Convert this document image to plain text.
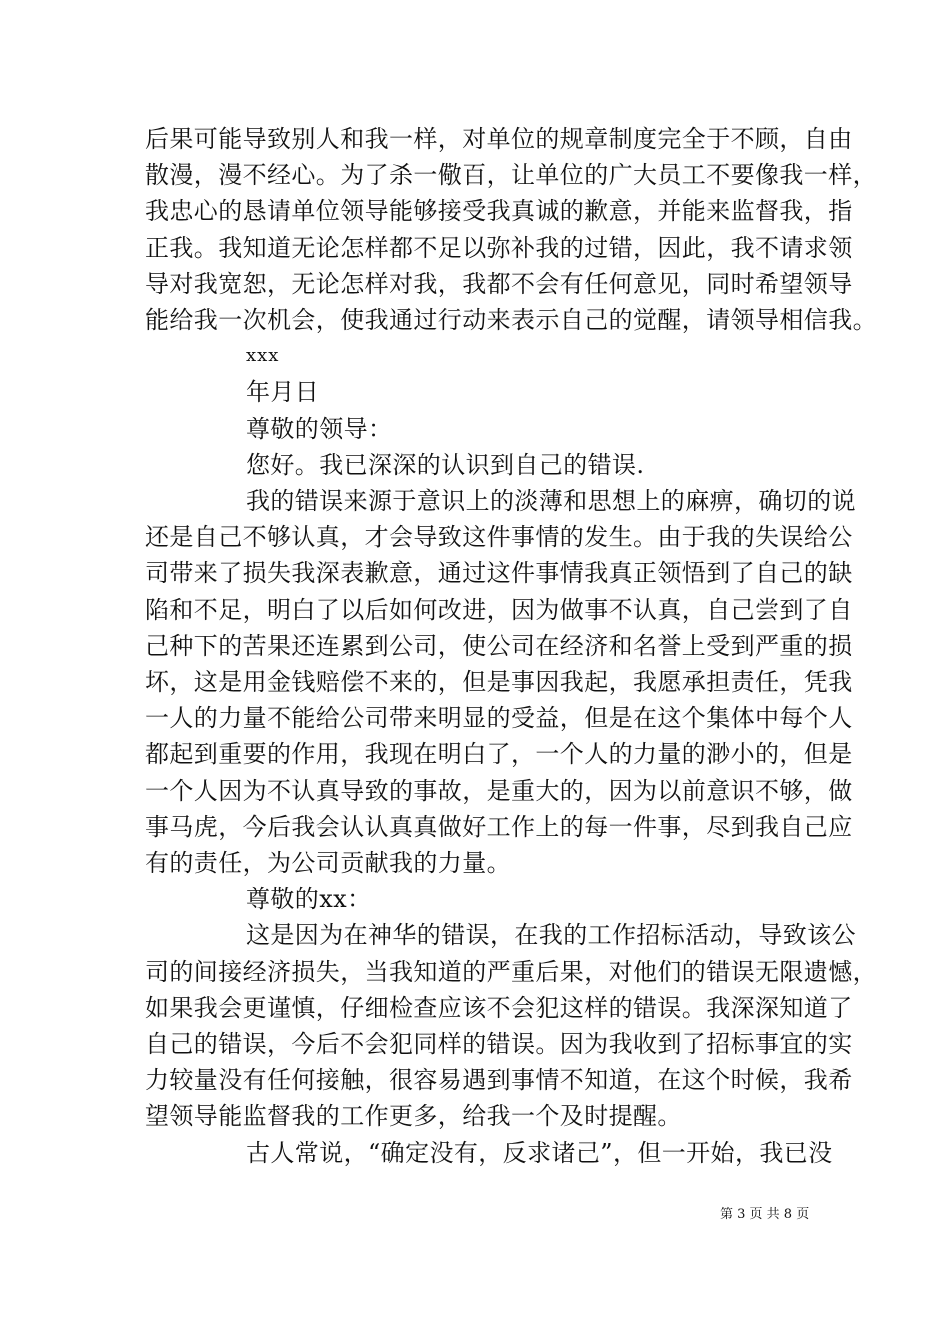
后果可能导致别人和我一样，对单位的规章制度完全于不顾，自由
散漫，漫不经心。为了杀一儆百，让单位的广大员工不要像我一样，
我忠心的恳请单位领导能够接受我真诚的歉意，并能来监督我，指
正我。我知道无论怎样都不足以弥补我的过错，因此，我不请求领
导对我宽恕，无论怎样对我，我都不会有任何意见，同时希望领导
能给我一次机会，使我通过行动来表示自己的觉醒，请领导相信我。
xxx
年月日
尊敬的领导：
您好。我已深深的认识到自己的错误.
我的错误来源于意识上的淡薄和思想上的麻痹，确切的说
还是自己不够认真，才会导致这件事情的发生。由于我的失误给公
司带来了损失我深表歉意，通过这件事情我真正领悟到了自己的缺
陷和不足，明白了以后如何改进，因为做事不认真，自己尝到了自
己种下的苦果还连累到公司，使公司在经济和名誉上受到严重的损
坏，这是用金钱赔偿不来的，但是事因我起，我愿承担责任，凭我
一人的力量不能给公司带来明显的受益，但是在这个集体中每个人
都起到重要的作用，我现在明白了，一个人的力量的渺小的，但是
一个人因为不认真导致的事故，是重大的，因为以前意识不够，做
事马虎，今后我会认认真真做好工作上的每一件事，尽到我自己应
有的责任，为公司贡献我的力量。
尊敬的xx：
这是因为在神华的错误，在我的工作招标活动，导致该公
司的间接经济损失，当我知道的严重后果，对他们的错误无限遗憾，
如果我会更谨慎，仔细检查应该不会犯这样的错误。我深深知道了
自己的错误，今后不会犯同样的错误。因为我收到了招标事宜的实
力较量没有任何接触，很容易遇到事情不知道，在这个时候，我希
望领导能监督我的工作更多，给我一个及时提醒。
古人常说，“确定没有，反求诸己”，但一开始，我已没
第 3 页 共 8 页
